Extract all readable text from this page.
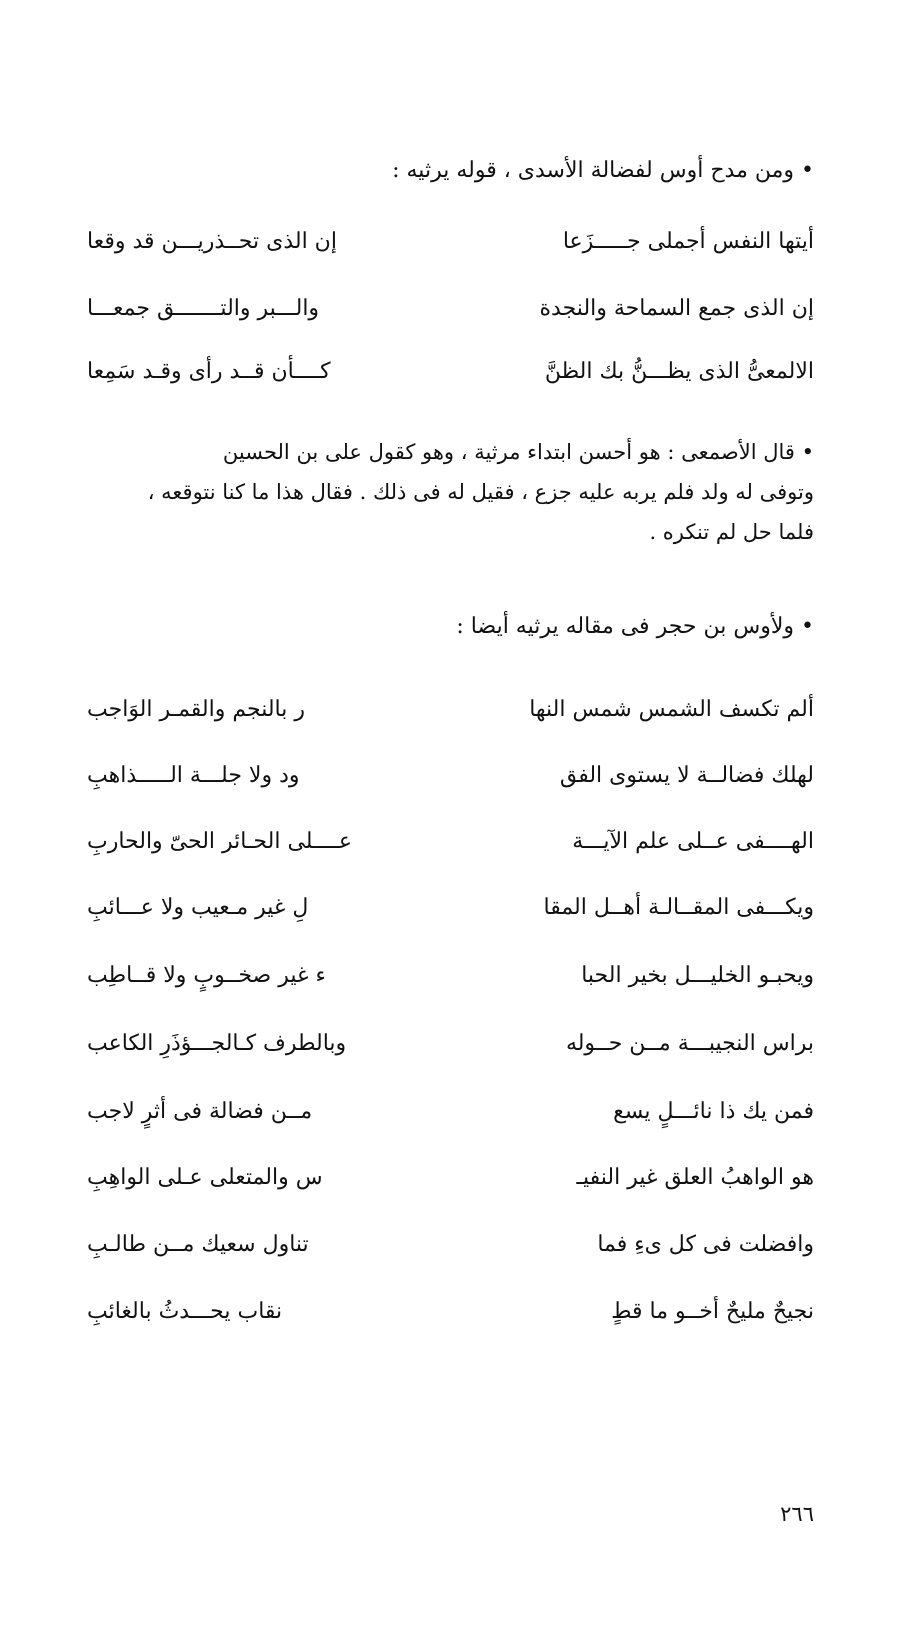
• ومن مدح أوس لفضالة الأسدى ، قوله يرثيه :
أيتها النفس أجملى جـــــزَعا
إن الذى تحــذريـــن قد وقعا
إن الذى جمع السماحة والنجدة
والـــبر والتـــــــق جمعـــا
الالمعىُّ الذى يظـــنُّ بك الظنَّ
كــــأن قــد رأى وقـد سَمِعا
• قال الأصمعى : هو أحسن ابتداء مرثية ، وهو كقول على بن الحسين
وتوفى له ولد فلم يربه عليه جزع ، فقيل له فى ذلك . فقال هذا ما كنا نتوقعه ،
فلما حل لم تنكره .
• ولأوس بن حجر فى مقاله يرثيه أيضا :
ألم تكسف الشمس شمس النها
ر بالنجم والقمـر الوَاجب
لهلك فضالــة لا يستوى الفق
ود ولا جلـــة الـــــذاهبِ
الهــــفى عــلى علم الآيـــة
عــــلى الحـائر الحىّ والحاربِ
ويكـــفى المقــالـة أهــل المقا
لِ غير مـعيب ولا عـــائبِ
ويحبـو الخليـــل بخير الحبا
ء غير صخــوبٍ ولا قــاطِب
براس النجيبـــة مــن حــوله
وبالطرف كـالجـــؤذَرِ الكاعب
فمن يك ذا نائـــلٍ يسع
مــن فضالة فى أثرٍ لاجب
هو الواهبُ العلق غير النفيـ
س والمتعلى عـلى الواهِبِ
وافضلت فى كل ىءِ فما
تناول سعيك مــن طالـبِ
نجيحٌ مليحٌ أخــو ما قطٍ
نقاب يحـــدثُ بالغائبِ
٢٦٦
